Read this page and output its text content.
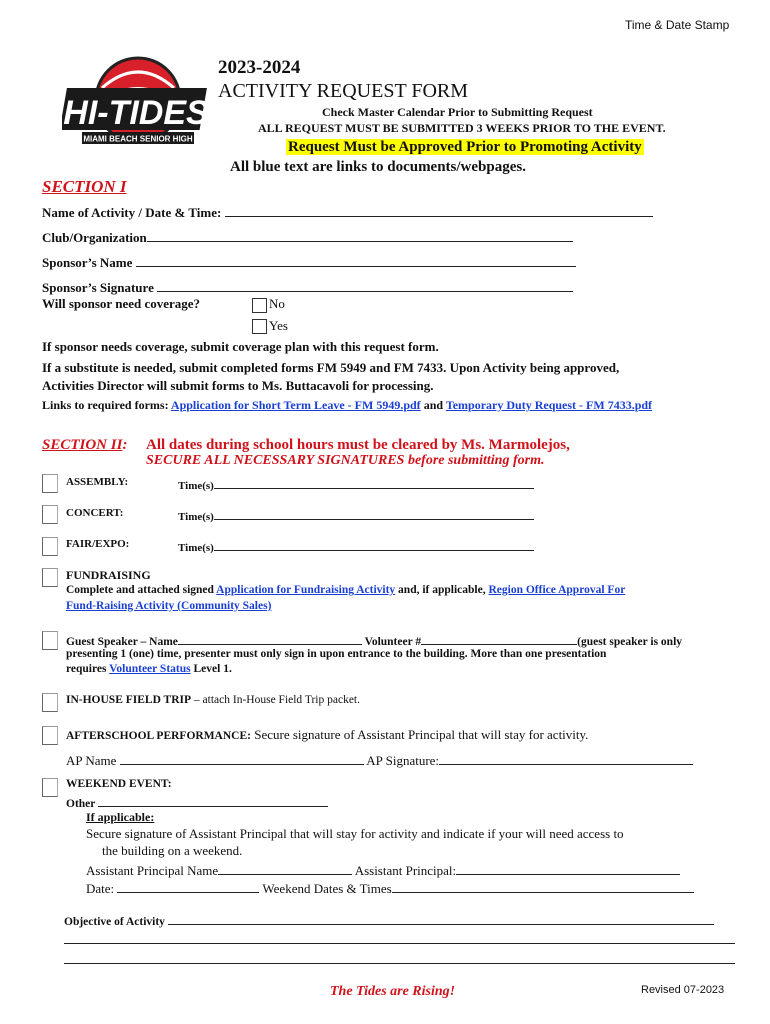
Time & Date Stamp
HI-TIDES
MIAMI BEACH SENIOR HIGH
2023-2024
ACTIVITY REQUEST FORM
Check Master Calendar Prior to Submitting Request
ALL REQUEST MUST BE SUBMITTED 3 WEEKS PRIOR TO THE EVENT.
Request Must be Approved Prior to Promoting Activity
All blue text are links to documents/webpages.
SECTION I
Name of Activity / Date & Time:
Club/Organization
Sponsor’s Name
Sponsor’s Signature
Will sponsor need coverage?	No
Yes
If sponsor needs coverage, submit coverage plan with this request form.
If a substitute is needed, submit completed forms FM 5949 and FM 7433. Upon Activity being approved,
Activities Director will submit forms to Ms. Buttacavoli for processing.
Links to required forms: Application for Short Term Leave - FM 5949.pdf and Temporary Duty Request - FM 7433.pdf
SECTION II: All dates during school hours must be cleared by Ms. Marmolejos,
SECURE ALL NECESSARY SIGNATURES before submitting form.
ASSEMBLY:	Time(s)
CONCERT:	Time(s)
FAIR/EXPO:	Time(s)
FUNDRAISING
Complete and attached signed Application for Fundraising Activity and, if applicable, Region Office Approval For
Fund-Raising Activity (Community Sales)
Guest Speaker – Name	Volunteer #	(guest speaker is only
presenting 1 (one) time, presenter must only sign in upon entrance to the building. More than one presentation
requires Volunteer Status Level 1.
IN-HOUSE FIELD TRIP – attach In-House Field Trip packet.
AFTERSCHOOL PERFORMANCE: Secure signature of Assistant Principal that will stay for activity.
AP Name	AP Signature:
WEEKEND EVENT:
Other
If applicable:
Secure signature of Assistant Principal that will stay for activity and indicate if your will need access to
the building on a weekend.
Assistant Principal Name	Assistant Principal:
Date:	Weekend Dates & Times
Objective of Activity
The Tides are Rising!	Revised 07-2023
